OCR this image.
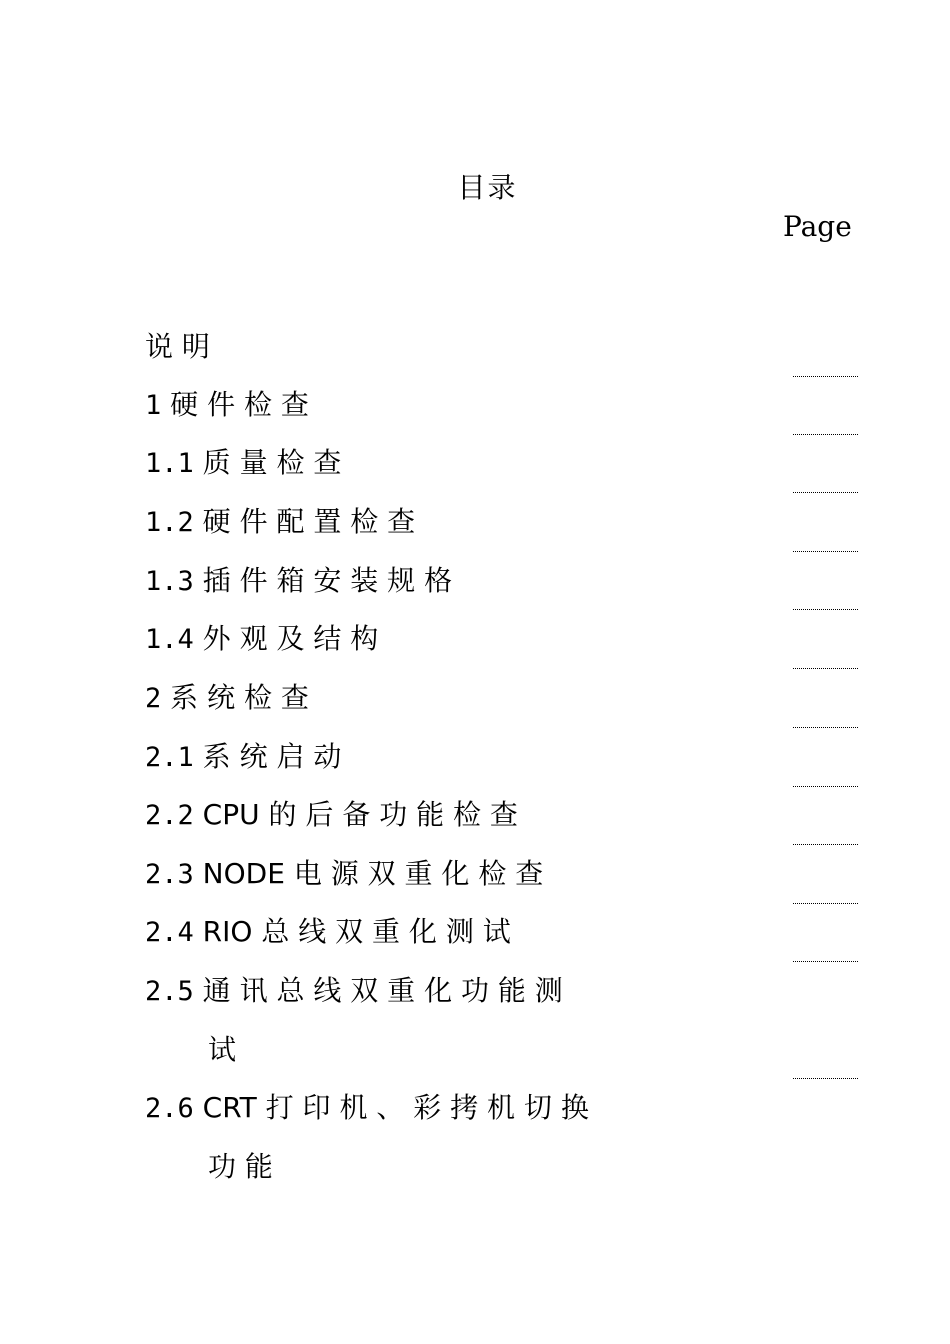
目录
Page
说 明
1 硬 件 检 查
1.1 质 量 检 查
1.2 硬 件 配 置 检 查
1.3 插 件 箱 安 装 规 格
1.4 外 观 及 结 构
2 系 统 检 查
2.1 系 统 启 动
2.2 CPU 的 后 备 功 能 检 查
2.3 NODE 电 源 双 重 化 检 查
2.4 RIO 总 线 双 重 化 测 试
2.5 通 讯 总 线 双 重 化 功 能 测
试
2.6 CRT 打 印 机 、 彩 拷 机 切 换
功 能
